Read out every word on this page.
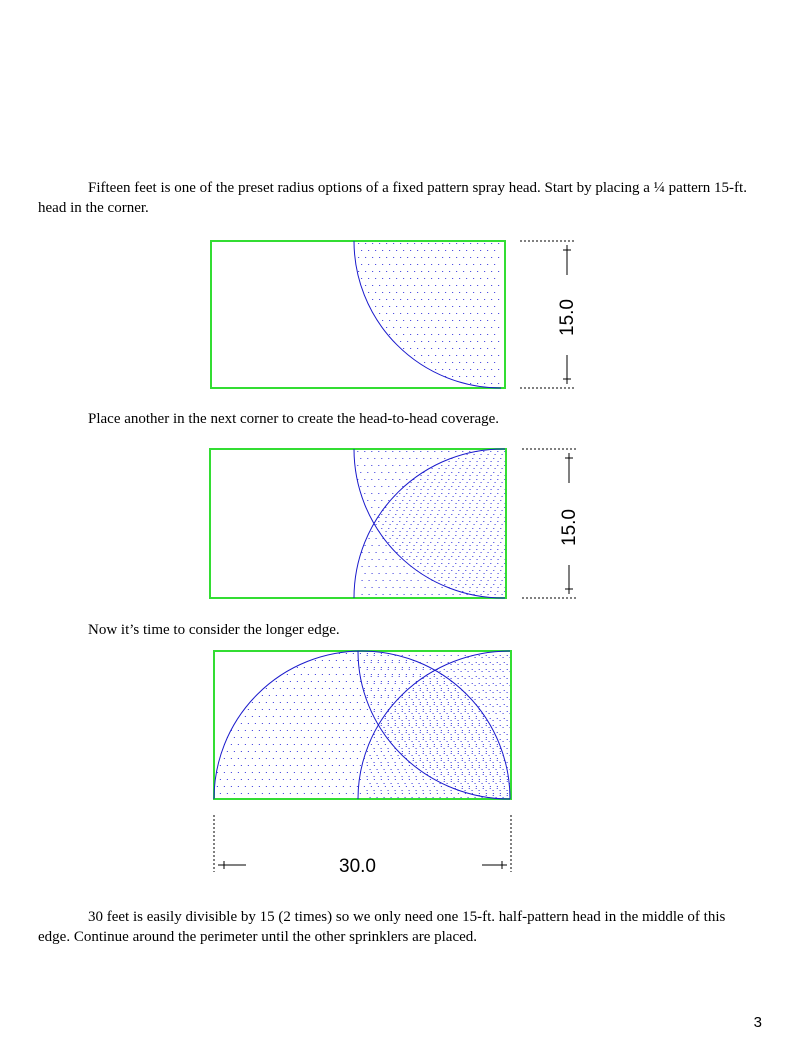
Fifteen feet is one of the preset radius options of a fixed pattern spray head. Start by placing a ¼ pattern 15-ft. head in the corner.

15.0

Place another in the next corner to create the head-to-head coverage.

15.0

Now it’s time to consider the longer edge.

30.0

30 feet is easily divisible by 15 (2 times) so we only need one 15-ft. half-pattern head in the middle of this edge. Continue around the perimeter until the other sprinklers are placed.

3
